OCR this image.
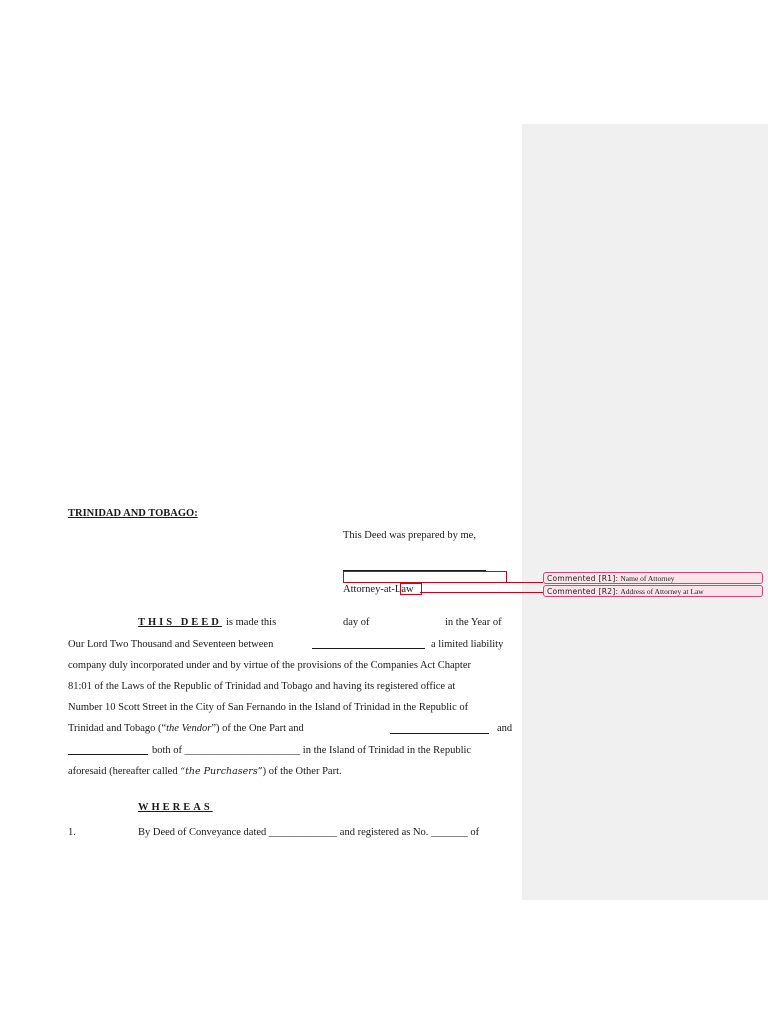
TRINIDAD AND TOBAGO:
This Deed was prepared by me,
Attorney-at-Law
Commented [R1]: Name of Attorney
Commented [R2]: Address of Attorney at Law
THIS DEED is made this	day of	in the Year of
Our Lord Two Thousand and Seventeen between	a limited liability
company duly incorporated under and by virtue of the provisions of the Companies Act Chapter
81:01 of the Laws of the Republic of Trinidad and Tobago and having its registered office at
Number 10 Scott Street in the City of San Fernando in the Island of Trinidad in the Republic of
Trinidad and Tobago (“the Vendor”) of the One Part and	and
both of ______________________ in the Island of Trinidad in the Republic
aforesaid (hereafter called “the Purchasers”) of the Other Part.
WHEREAS
1.	By Deed of Conveyance dated _____________ and registered as No. _______ of
